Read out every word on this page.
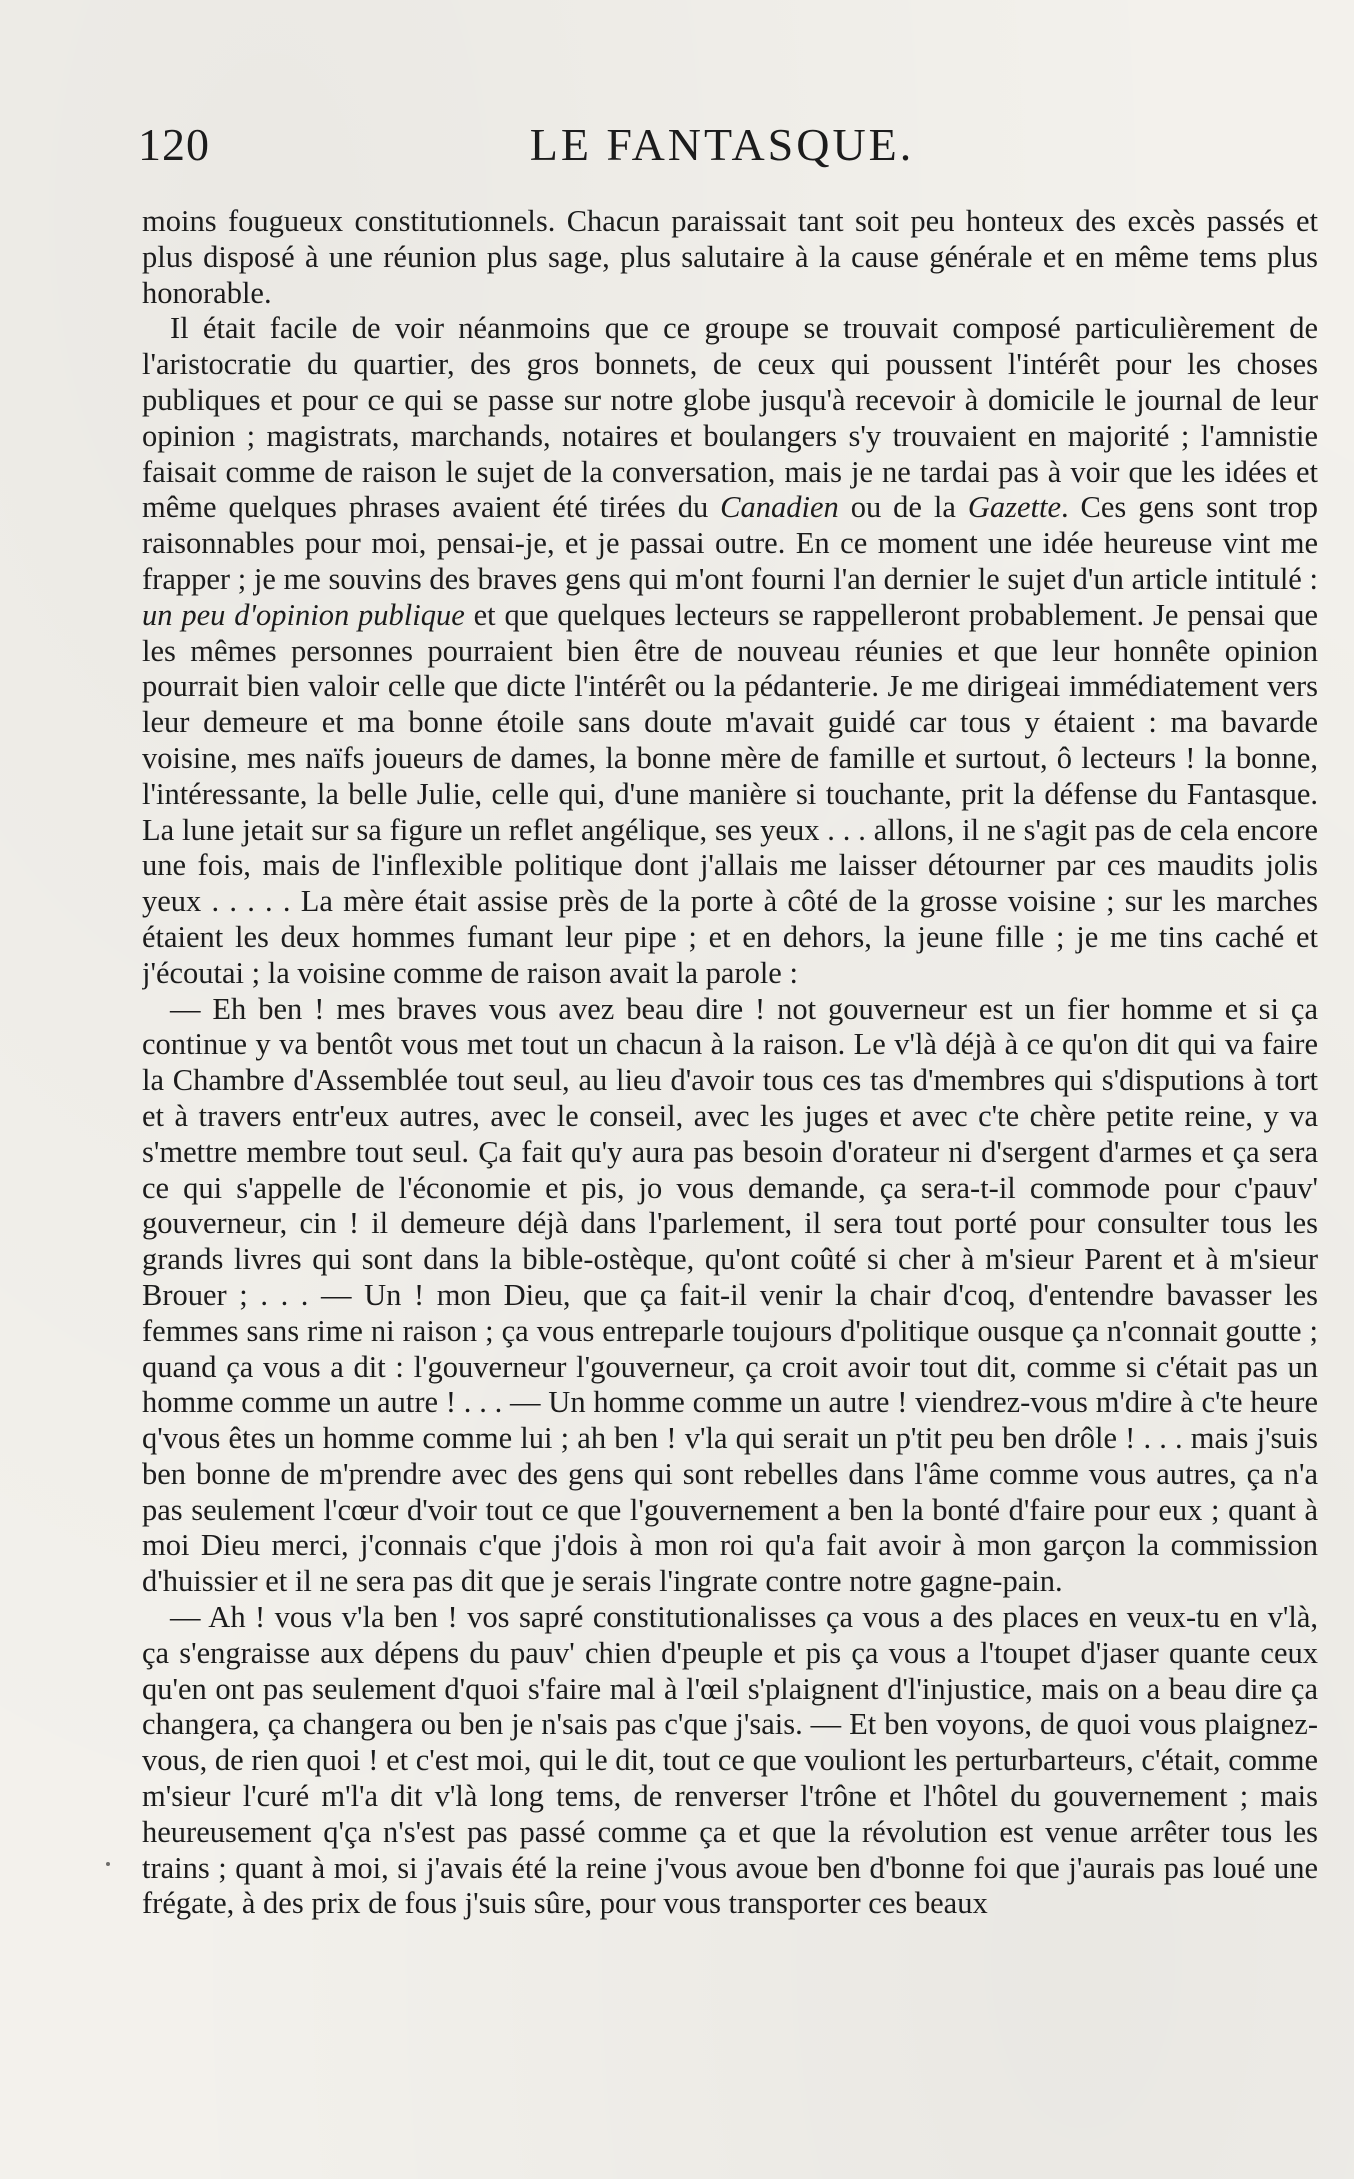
120	LE FANTASQUE.

moins fougueux constitutionnels. Chacun paraissait tant soit peu honteux des excès passés et plus disposé à une réunion plus sage, plus salutaire à la cause générale et en même tems plus honorable.

Il était facile de voir néanmoins que ce groupe se trouvait composé particulièrement de l'aristocratie du quartier, des gros bonnets, de ceux qui poussent l'intérêt pour les choses publiques et pour ce qui se passe sur notre globe jusqu'à recevoir à domicile le journal de leur opinion ; magistrats, marchands, notaires et boulangers s'y trouvaient en majorité ; l'amnistie faisait comme de raison le sujet de la conversation, mais je ne tardai pas à voir que les idées et même quelques phrases avaient été tirées du Canadien ou de la Gazette. Ces gens sont trop raisonnables pour moi, pensai-je, et je passai outre. En ce moment une idée heureuse vint me frapper ; je me souvins des braves gens qui m'ont fourni l'an dernier le sujet d'un article intitulé : un peu d'opinion publique et que quelques lecteurs se rappelleront probablement. Je pensai que les mêmes personnes pourraient bien être de nouveau réunies et que leur honnête opinion pourrait bien valoir celle que dicte l'intérêt ou la pédanterie. Je me dirigeai immédiatement vers leur demeure et ma bonne étoile sans doute m'avait guidé car tous y étaient : ma bavarde voisine, mes naïfs joueurs de dames, la bonne mère de famille et surtout, ô lecteurs ! la bonne, l'intéressante, la belle Julie, celle qui, d'une manière si touchante, prit la défense du Fantasque. La lune jetait sur sa figure un reflet angélique, ses yeux . . . allons, il ne s'agit pas de cela encore une fois, mais de l'inflexible politique dont j'allais me laisser détourner par ces maudits jolis yeux . . . . . La mère était assise près de la porte à côté de la grosse voisine ; sur les marches étaient les deux hommes fumant leur pipe ; et en dehors, la jeune fille ; je me tins caché et j'écoutai ; la voisine comme de raison avait la parole :

— Eh ben ! mes braves vous avez beau dire ! not gouverneur est un fier homme et si ça continue y va bentôt vous met tout un chacun à la raison. Le v'là déjà à ce qu'on dit qui va faire la Chambre d'Assemblée tout seul, au lieu d'avoir tous ces tas d'membres qui s'disputions à tort et à travers entr'eux autres, avec le conseil, avec les juges et avec c'te chère petite reine, y va s'mettre membre tout seul. Ça fait qu'y aura pas besoin d'orateur ni d'sergent d'armes et ça sera ce qui s'appelle de l'économie et pis, jo vous demande, ça sera-t-il commode pour c'pauv' gouverneur, cin ! il demeure déjà dans l'parlement, il sera tout porté pour consulter tous les grands livres qui sont dans la bible-ostèque, qu'ont coûté si cher à m'sieur Parent et à m'sieur Brouer ; . . . — Un ! mon Dieu, que ça fait-il venir la chair d'coq, d'entendre bavasser les femmes sans rime ni raison ; ça vous entreparle toujours d'politique ousque ça n'connait goutte ; quand ça vous a dit : l'gouverneur l'gouverneur, ça croit avoir tout dit, comme si c'était pas un homme comme un autre ! . . . — Un homme comme un autre ! viendrez-vous m'dire à c'te heure q'vous êtes un homme comme lui ; ah ben ! v'la qui serait un p'tit peu ben drôle ! . . . mais j'suis ben bonne de m'prendre avec des gens qui sont rebelles dans l'âme comme vous autres, ça n'a pas seulement l'cœur d'voir tout ce que l'gouvernement a ben la bonté d'faire pour eux ; quant à moi Dieu merci, j'connais c'que j'dois à mon roi qu'a fait avoir à mon garçon la commission d'huissier et il ne sera pas dit que je serais l'ingrate contre notre gagne-pain.

— Ah ! vous v'la ben ! vos sapré constitutionalisses ça vous a des places en veux-tu en v'là, ça s'engraisse aux dépens du pauv' chien d'peuple et pis ça vous a l'toupet d'jaser quante ceux qu'en ont pas seulement d'quoi s'faire mal à l'œil s'plaignent d'l'injustice, mais on a beau dire ça changera, ça changera ou ben je n'sais pas c'que j'sais. — Et ben voyons, de quoi vous plaignez-vous, de rien quoi ! et c'est moi, qui le dit, tout ce que vouliont les perturbarteurs, c'était, comme m'sieur l'curé m'l'a dit v'là long tems, de renverser l'trône et l'hôtel du gouvernement ; mais heureusement q'ça n's'est pas passé comme ça et que la révolution est venue arrêter tous les trains ; quant à moi, si j'avais été la reine j'vous avoue ben d'bonne foi que j'aurais pas loué une frégate, à des prix de fous j'suis sûre, pour vous transporter ces beaux
